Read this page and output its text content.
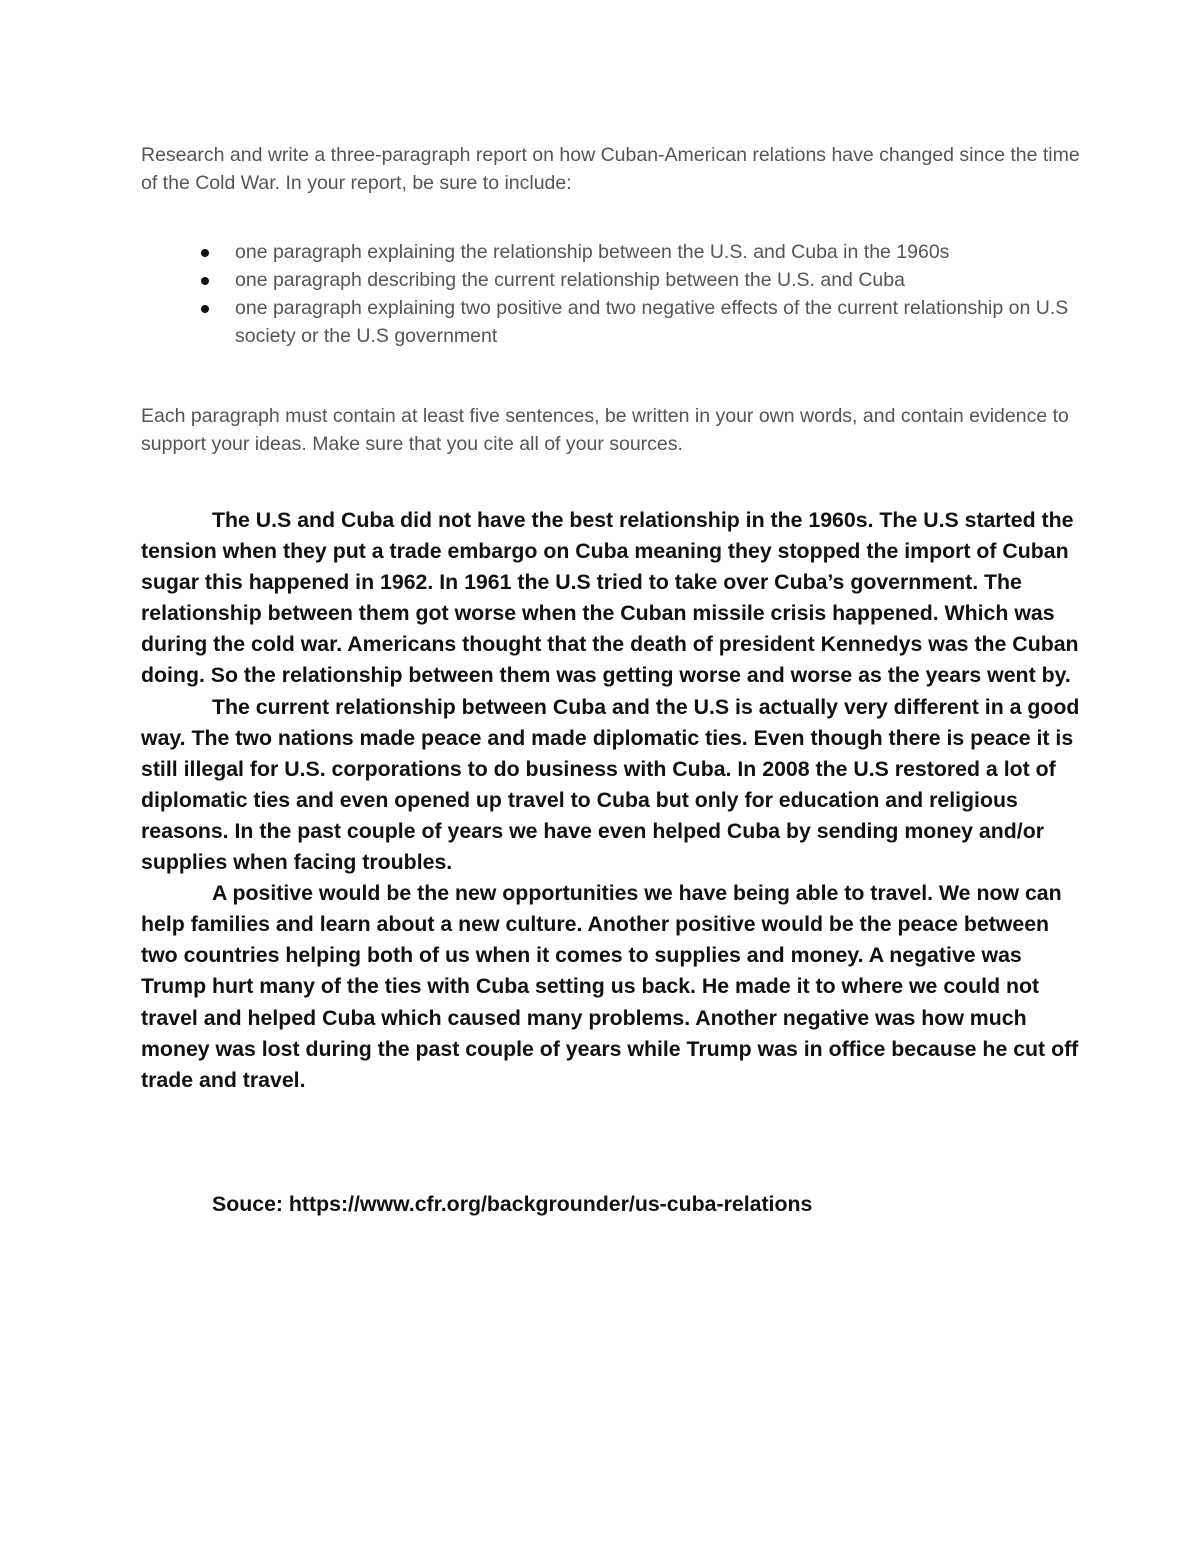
Research and write a three-paragraph report on how Cuban-American relations have changed since the time of the Cold War. In your report, be sure to include:

one paragraph explaining the relationship between the U.S. and Cuba in the 1960s
one paragraph describing the current relationship between the U.S. and Cuba
one paragraph explaining two positive and two negative effects of the current relationship on U.S society or the U.S government

Each paragraph must contain at least five sentences, be written in your own words, and contain evidence to support your ideas. Make sure that you cite all of your sources.

The U.S and Cuba did not have the best relationship in the 1960s. The U.S started the tension when they put a trade embargo on Cuba meaning they stopped the import of Cuban sugar this happened in 1962. In 1961 the U.S tried to take over Cuba’s government. The relationship between them got worse when the Cuban missile crisis happened. Which was during the cold war. Americans thought that the death of president Kennedys was the Cuban doing. So the relationship between them was getting worse and worse as the years went by.

The current relationship between Cuba and the U.S is actually very different in a good way. The two nations made peace and made diplomatic ties. Even though there is peace it is still illegal for U.S. corporations to do business with Cuba. In 2008 the U.S restored a lot of diplomatic ties and even opened up travel to Cuba but only for education and religious reasons. In the past couple of years we have even helped Cuba by sending money and/or supplies when facing troubles.

A positive would be the new opportunities we have being able to travel. We now can help families and learn about a new culture. Another positive would be the peace between two countries helping both of us when it comes to supplies and money. A negative was Trump hurt many of the ties with Cuba setting us back. He made it to where we could not travel and helped Cuba which caused many problems. Another negative was how much money was lost during the past couple of years while Trump was in office because he cut off trade and travel.

Souce: https://www.cfr.org/backgrounder/us-cuba-relations
